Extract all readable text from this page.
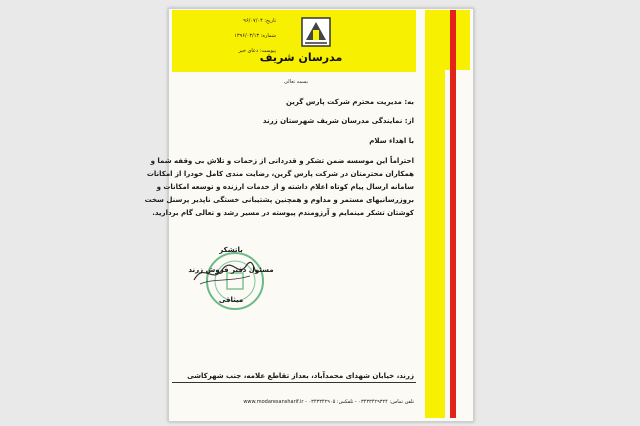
مدرسان شریف
تاریخ: ۹۶/۰۷/۰۴
شماره: ۱۳۹۶/۰۳/۱۳
پیوست: دعای خیر
بسمه تعالی
به: مدیریت محترم شرکت پارس گرین
از: نمایندگی مدرسان شریف شهرستان زرند
با اهداء سلام
احتراماً این موسسه ضمن تشکر و قدردانی از زحمات و تلاش بی وقفه شما و
همکاران محترمتان در شرکت پارس گرین، رضایت مندی کامل خودرا از امکانات
سامانه ارسال پیام کوتاه اعلام داشته و از خدمات ارزنده و توسعه امکانات و
بروزرسانیهای مستمر و مداوم و همچنین پشتیبانی خستگی ناپذیر پرسنل سخت
کوشتان تشکر مینمایم و آرزومندم پیوسته در مسیر رشد و تعالی گام بردارید.
باتشکر
مسئول دفتر فروش زرند
میثاقی
زرند، خیابان شهدای محمدآباد، بعداز تقاطع علامه، جنب شهرکاشی
تلفن تماس: ۰۳۴۳۳۴۲۹۳۲۴ - تلفکس: ۰۳۴۳۳۴۲۹۰۵ - www.modaresansharif.ir
